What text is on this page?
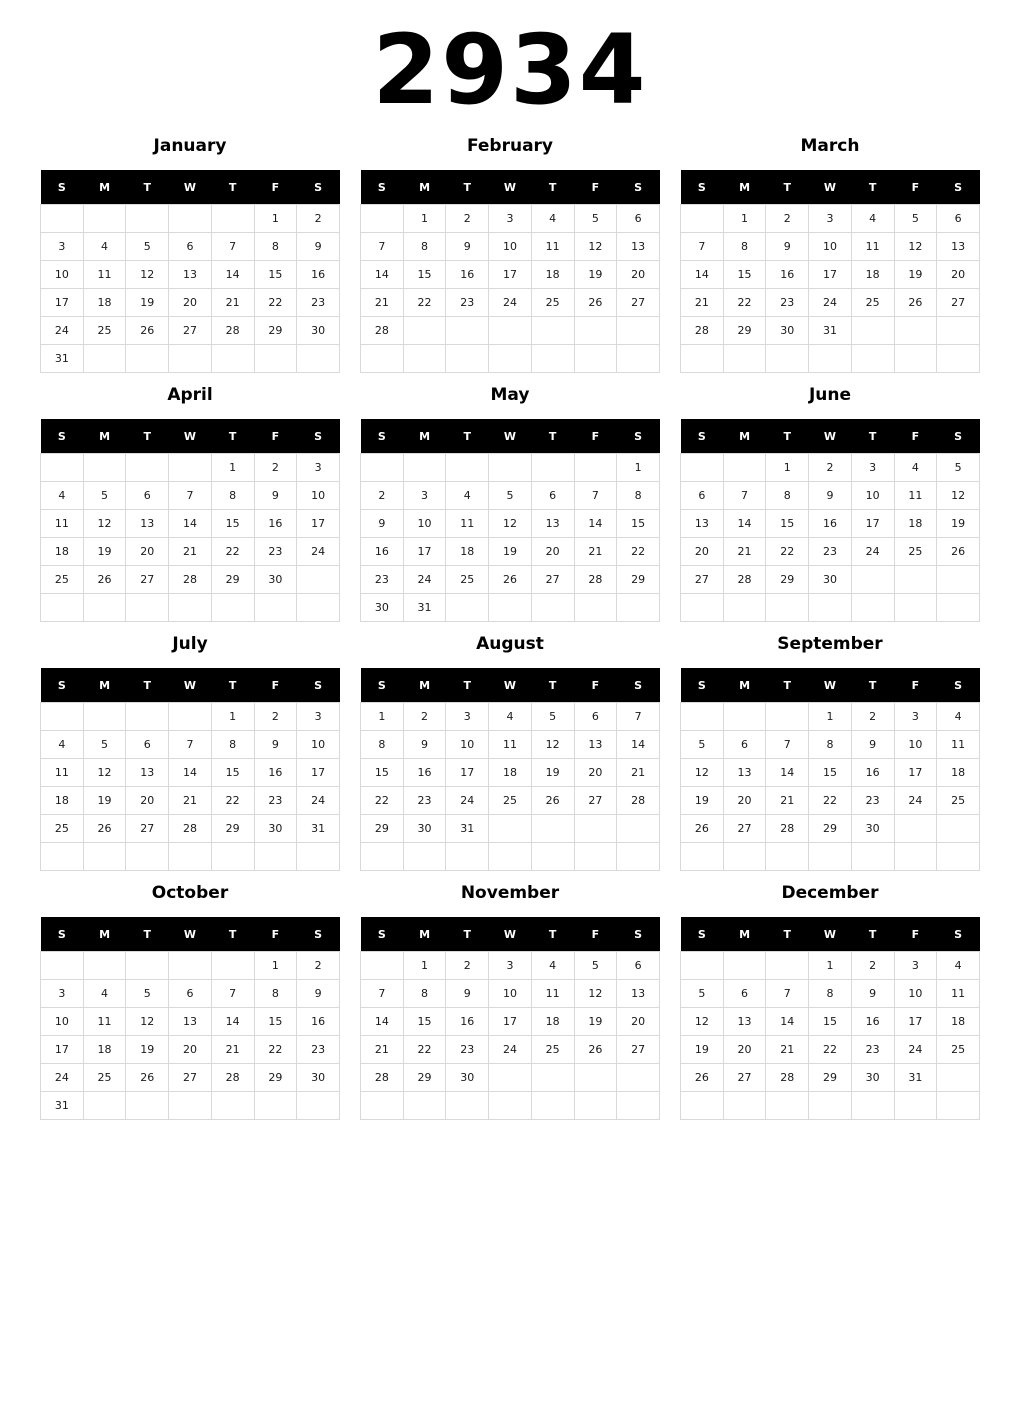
2934
January
S	M	T	W	T	F	S
					1	2
3	4	5	6	7	8	9
10	11	12	13	14	15	16
17	18	19	20	21	22	23
24	25	26	27	28	29	30
31						
February
S	M	T	W	T	F	S
	1	2	3	4	5	6
7	8	9	10	11	12	13
14	15	16	17	18	19	20
21	22	23	24	25	26	27
28						

March
S	M	T	W	T	F	S
	1	2	3	4	5	6
7	8	9	10	11	12	13
14	15	16	17	18	19	20
21	22	23	24	25	26	27
28	29	30	31			

April
S	M	T	W	T	F	S
				1	2	3
4	5	6	7	8	9	10
11	12	13	14	15	16	17
18	19	20	21	22	23	24
25	26	27	28	29	30	

May
S	M	T	W	T	F	S
						1
2	3	4	5	6	7	8
9	10	11	12	13	14	15
16	17	18	19	20	21	22
23	24	25	26	27	28	29
30	31					
June
S	M	T	W	T	F	S
		1	2	3	4	5
6	7	8	9	10	11	12
13	14	15	16	17	18	19
20	21	22	23	24	25	26
27	28	29	30			

July
S	M	T	W	T	F	S
				1	2	3
4	5	6	7	8	9	10
11	12	13	14	15	16	17
18	19	20	21	22	23	24
25	26	27	28	29	30	31

August
S	M	T	W	T	F	S
1	2	3	4	5	6	7
8	9	10	11	12	13	14
15	16	17	18	19	20	21
22	23	24	25	26	27	28
29	30	31				

September
S	M	T	W	T	F	S
			1	2	3	4
5	6	7	8	9	10	11
12	13	14	15	16	17	18
19	20	21	22	23	24	25
26	27	28	29	30		

October
S	M	T	W	T	F	S
					1	2
3	4	5	6	7	8	9
10	11	12	13	14	15	16
17	18	19	20	21	22	23
24	25	26	27	28	29	30
31						
November
S	M	T	W	T	F	S
	1	2	3	4	5	6
7	8	9	10	11	12	13
14	15	16	17	18	19	20
21	22	23	24	25	26	27
28	29	30				

December
S	M	T	W	T	F	S
			1	2	3	4
5	6	7	8	9	10	11
12	13	14	15	16	17	18
19	20	21	22	23	24	25
26	27	28	29	30	31	
